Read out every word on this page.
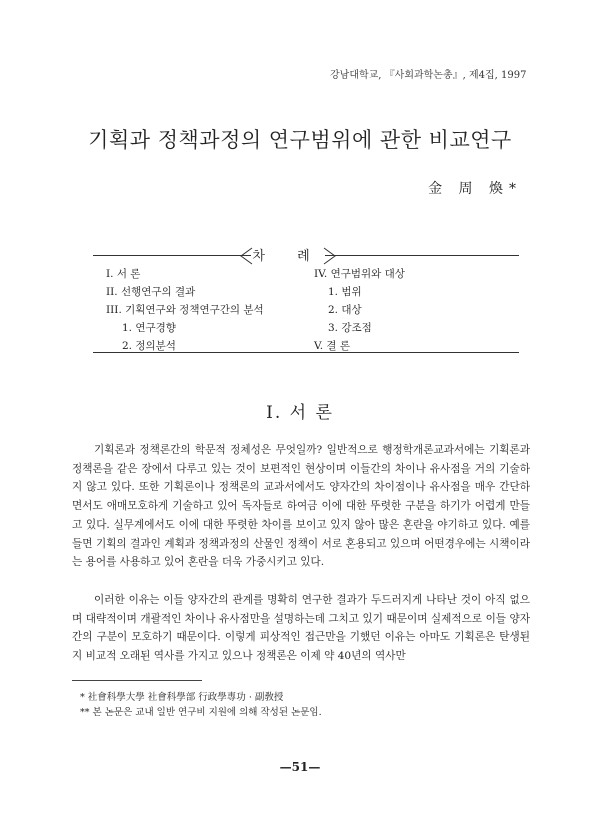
강남대학교, 『사회과학논총』, 제4집, 1997
기획과 정책과정의 연구범위에 관한 비교연구
金 周 煥*
차 례
I. 서 론
II. 선행연구의 결과
III. 기획연구와 정책연구간의 분석
1. 연구경향
2. 정의분석
IV. 연구범위와 대상
1. 범위
2. 대상
3. 강조점
V. 결 론
I. 서 론
기획론과 정책론간의 학문적 정체성은 무엇일까? 일반적으로 행정학개론교과서에는 기획론과 정책론을 같은 장에서 다루고 있는 것이 보편적인 현상이며 이들간의 차이나 유사점을 거의 기술하지 않고 있다. 또한 기획론이나 정책론의 교과서에서도 양자간의 차이점이나 유사점을 매우 간단하면서도 애매모호하게 기술하고 있어 독자들로 하여금 이에 대한 뚜렷한 구분을 하기가 어렵게 만들고 있다. 실무계에서도 이에 대한 뚜렷한 차이를 보이고 있지 않아 많은 혼란을 야기하고 있다. 예를 들면 기획의 결과인 계획과 정책과정의 산물인 정책이 서로 혼용되고 있으며 어떤경우에는 시책이라는 용어를 사용하고 있어 혼란을 더욱 가중시키고 있다.
이러한 이유는 이들 양자간의 관계를 명확히 연구한 결과가 두드러지게 나타난 것이 아직 없으며 대략적이며 개괄적인 차이나 유사점만을 설명하는데 그치고 있기 때문이며 실제적으로 이들 양자간의 구분이 모호하기 때문이다. 이렇게 피상적인 접근만을 기했던 이유는 아마도 기획론은 탄생된지 비교적 오래된 역사를 가지고 있으나 정책론은 이제 약 40년의 역사만
* 社會科學大學 社會科學部 行政學專功 · 副敎授
** 본 논문은 교내 일반 연구비 지원에 의해 작성된 논문임.
—51—
